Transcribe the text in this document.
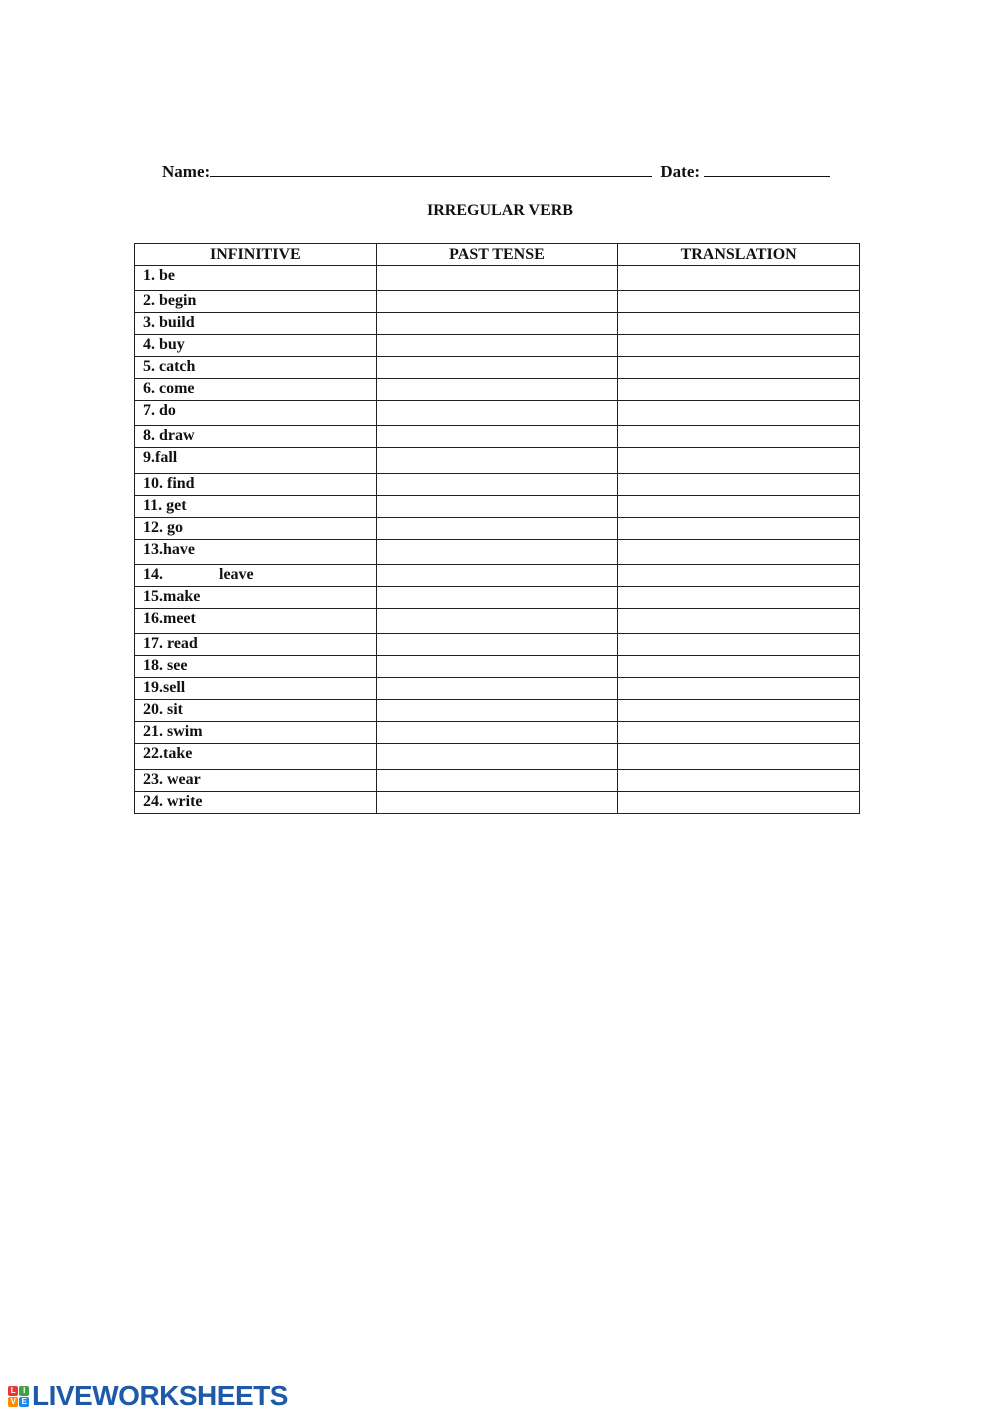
Name:	Date:
IRREGULAR VERB
INFINITIVE	PAST TENSE	TRANSLATION
1. be		
2. begin		
3. build		
4. buy		
5. catch		
6. come		
7. do		
8. draw		
9.fall		
10. find		
11. get		
12. go		
13.have		
14.              leave		
15.make		
16.meet		
17. read		
18. see		
19.sell		
20. sit		
21. swim		
22.take		
23. wear		
24. write		
L I
V E LIVEWORKSHEETS
